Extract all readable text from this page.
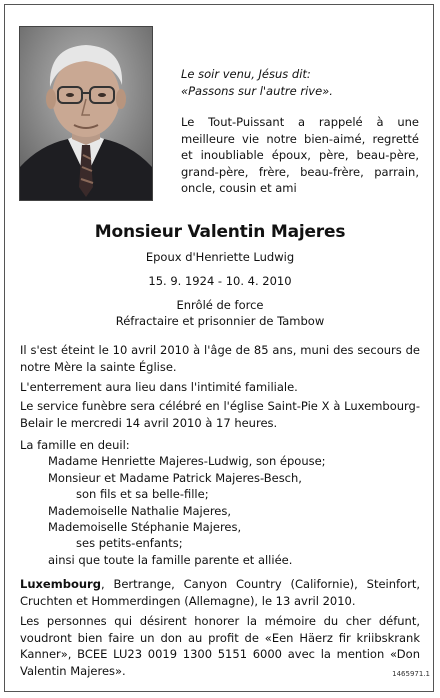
Le soir venu, Jésus dit:
«Passons sur l'autre rive».
Le Tout-Puissant a rappelé à une meilleure vie notre bien-aimé, regretté et inoubliable époux, père, beau-père, grand-père, frère, beau-frère, parrain, oncle, cousin et ami
Monsieur Valentin Majeres
Epoux d'Henriette Ludwig
15. 9. 1924 - 10. 4. 2010
Enrôlé de force
Réfractaire et prisonnier de Tambow
Il s'est éteint le 10 avril 2010 à l'âge de 85 ans, muni des secours de notre Mère la sainte Église.
L'enterrement aura lieu dans l'intimité familiale.
Le service funèbre sera célébré en l'église Saint-Pie X à Luxembourg-Belair le mercredi 14 avril 2010 à 17 heures.
La famille en deuil:
Madame Henriette Majeres-Ludwig, son épouse;
Monsieur et Madame Patrick Majeres-Besch,
son fils et sa belle-fille;
Mademoiselle Nathalie Majeres,
Mademoiselle Stéphanie Majeres,
ses petits-enfants;
ainsi que toute la famille parente et alliée.
Luxembourg, Bertrange, Canyon Country (Californie), Steinfort, Cruchten et Hommerdingen (Allemagne), le 13 avril 2010.
Les personnes qui désirent honorer la mémoire du cher défunt, voudront bien faire un don au profit de «Een Häerz fir kriibskrank Kanner», BCEE LU23 0019 1300 5151 6000 avec la mention «Don Valentin Majeres».	1465971.1
